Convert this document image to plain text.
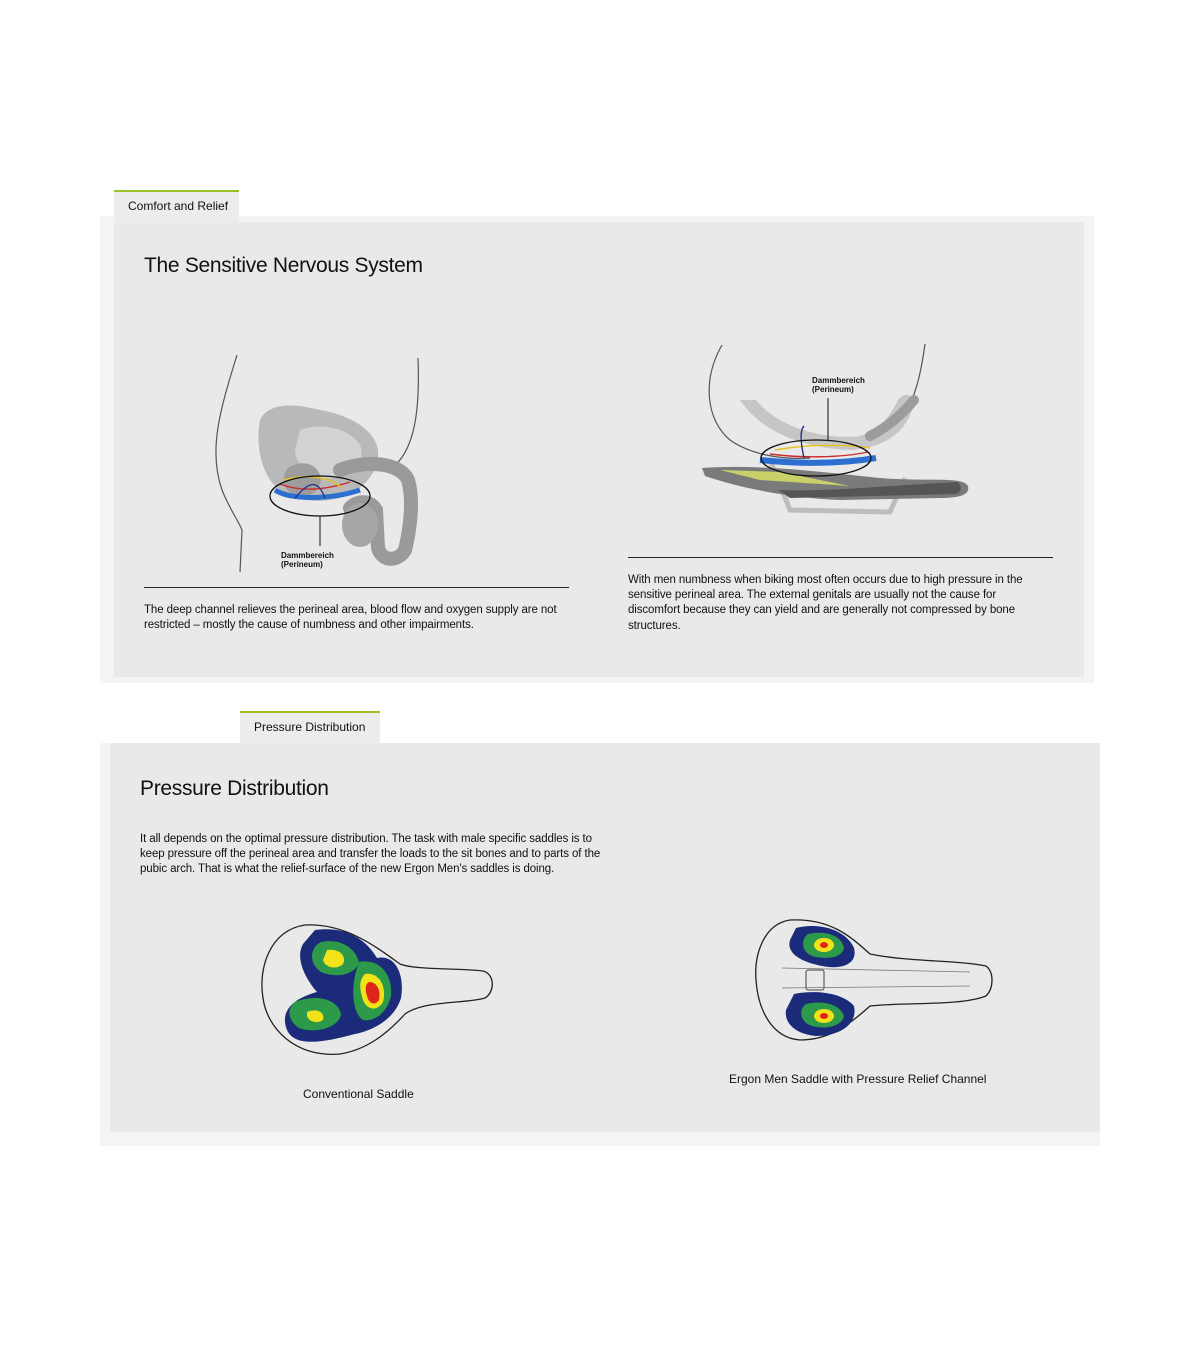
Comfort and Relief
The Sensitive Nervous System
Dammbereich
(Perineum)
Dammbereich
(Perineum)
The deep channel relieves the perineal area, blood flow and oxygen supply are not restricted – mostly the cause of numbness and other impairments.
With men numbness when biking most often occurs due to high pressure in the sensitive perineal area. The external genitals are usually not the cause for discomfort because they can yield and are generally not compressed by bone structures.
Pressure Distribution
Pressure Distribution
It all depends on the optimal pressure distribution. The task with male specific saddles is to keep pressure off the perineal area and transfer the loads to the sit bones and to parts of the pubic arch. That is what the relief-surface of the new Ergon Men's saddles is doing.
Conventional Saddle
Ergon Men Saddle with Pressure Relief Channel
